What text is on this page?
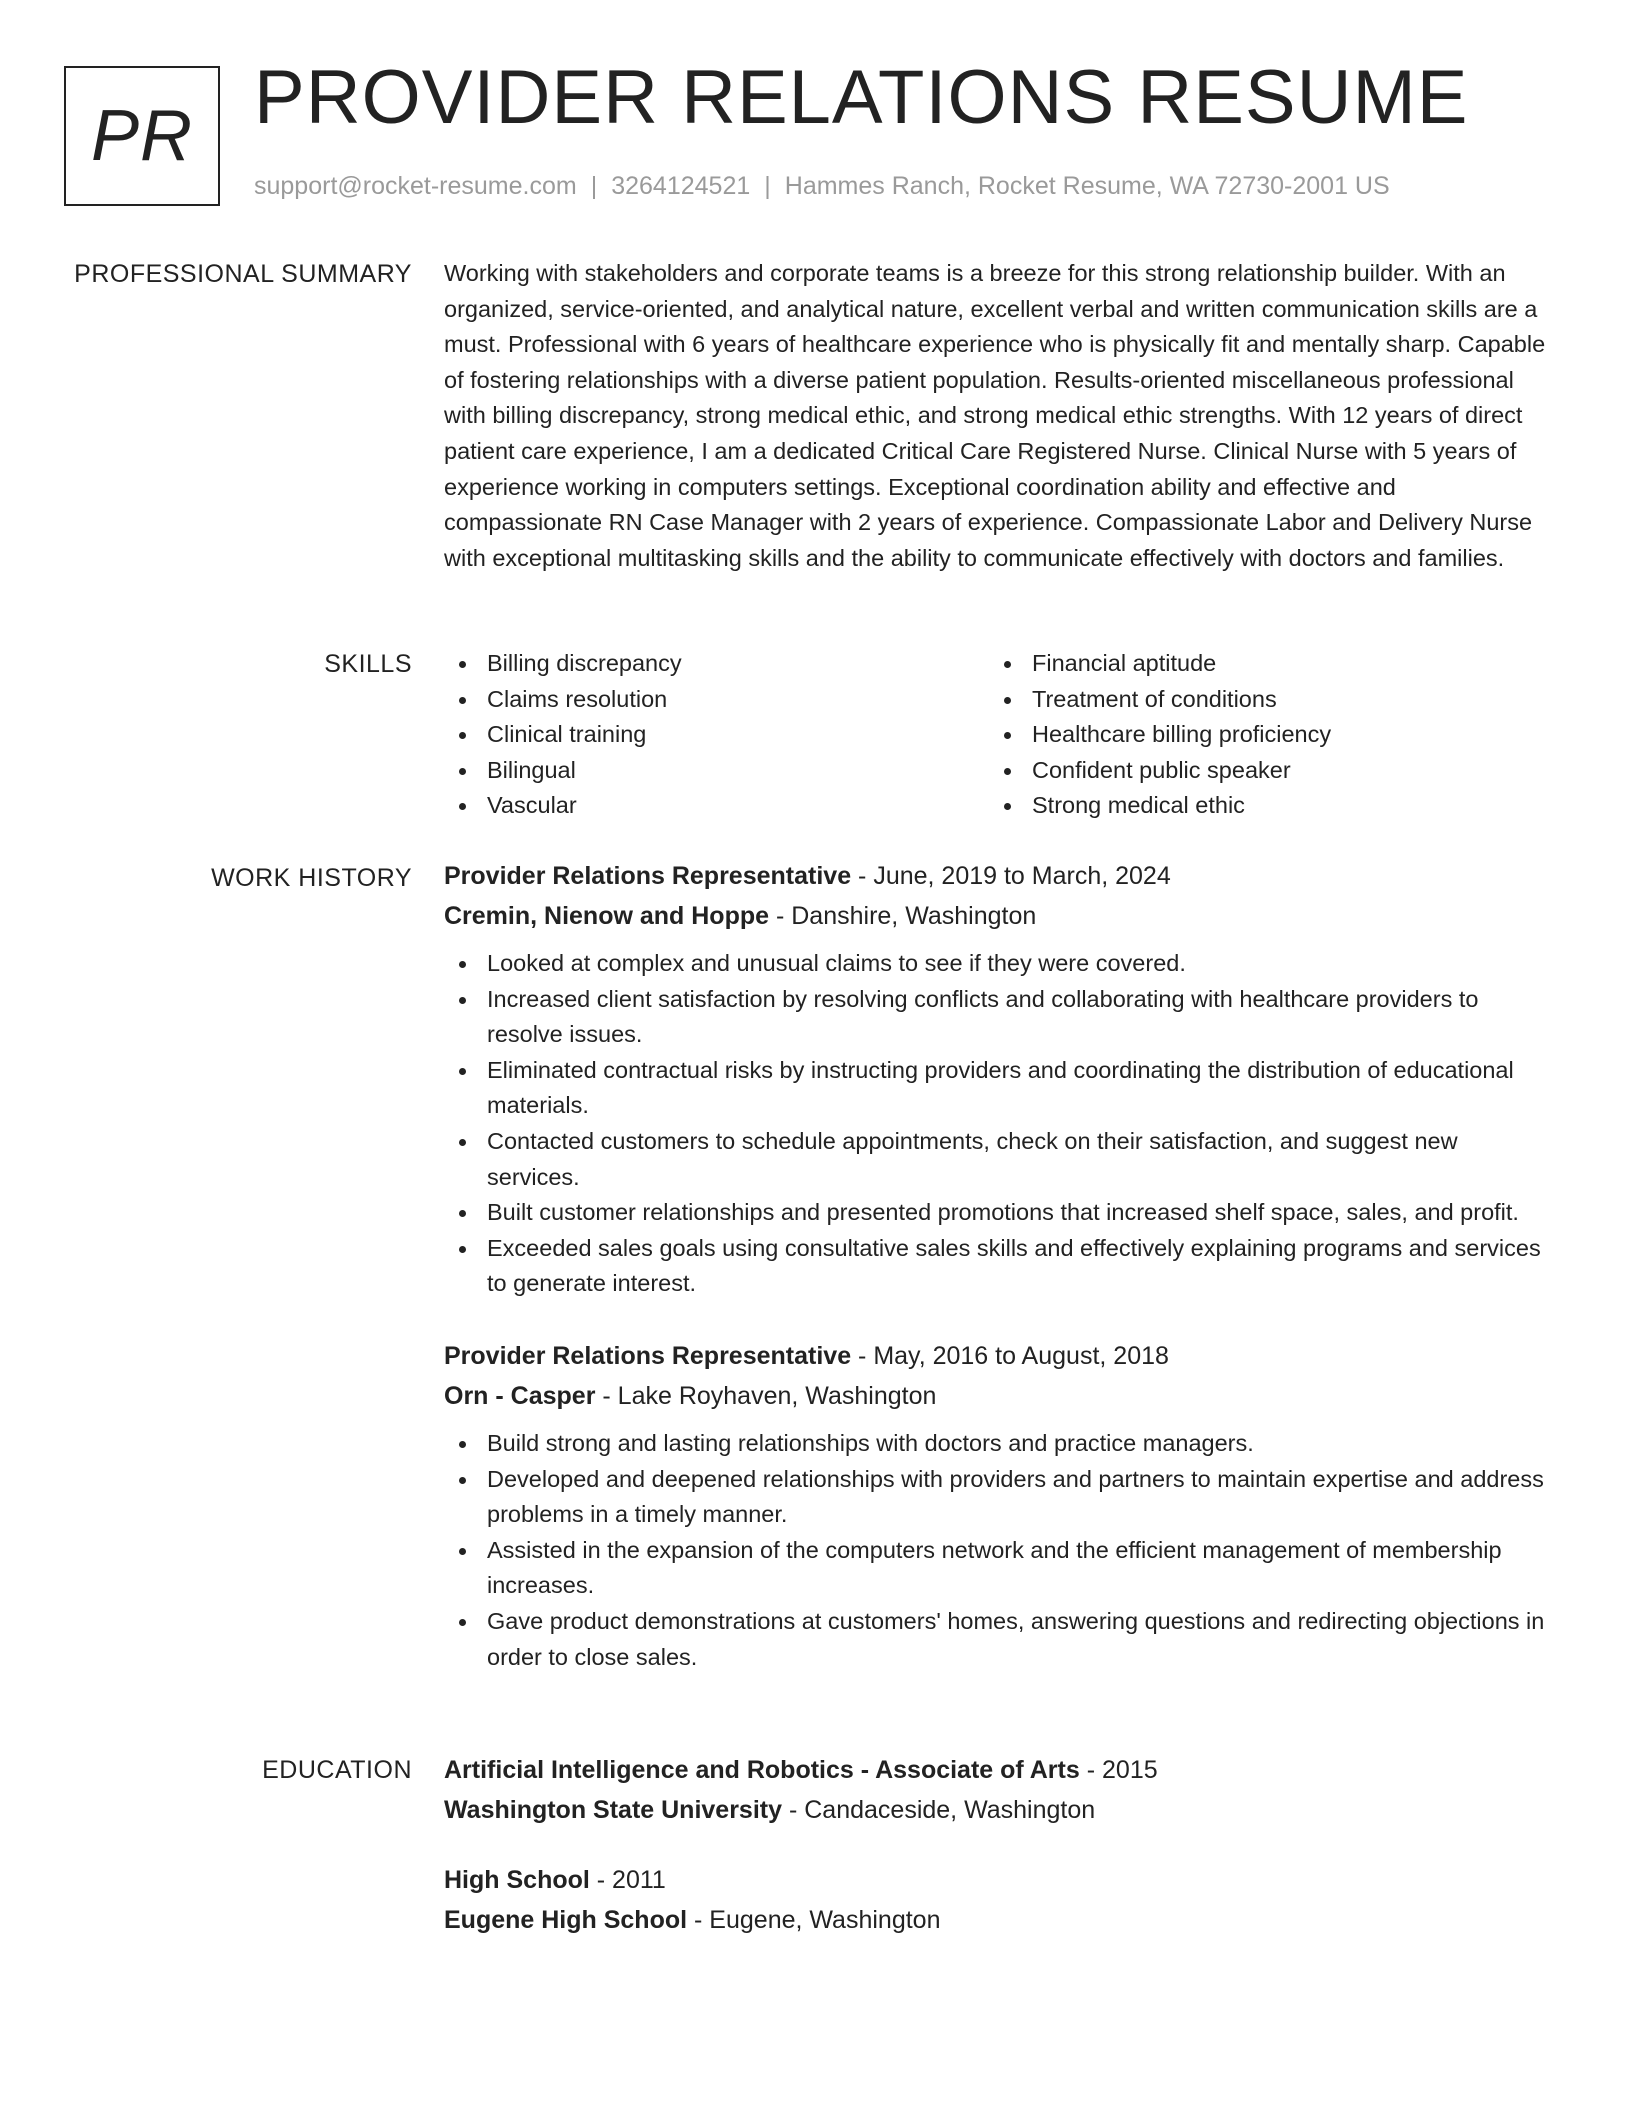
PR PROVIDER RELATIONS RESUME
support@rocket-resume.com | 3264124521 | Hammes Ranch, Rocket Resume, WA 72730-2001 US
PROFESSIONAL SUMMARY Working with stakeholders and corporate teams is a breeze for this strong relationship builder. With an organized, service-oriented, and analytical nature, excellent verbal and written communication skills are a must. Professional with 6 years of healthcare experience who is physically fit and mentally sharp. Capable of fostering relationships with a diverse patient population. Results-oriented miscellaneous professional with billing discrepancy, strong medical ethic, and strong medical ethic strengths. With 12 years of direct patient care experience, I am a dedicated Critical Care Registered Nurse. Clinical Nurse with 5 years of experience working in computers settings. Exceptional coordination ability and effective and compassionate RN Case Manager with 2 years of experience. Compassionate Labor and Delivery Nurse with exceptional multitasking skills and the ability to communicate effectively with doctors and families.

SKILLS	Billing discrepancy
Claims resolution
Clinical training
Bilingual
Vascular
Financial aptitude
Treatment of conditions
Healthcare billing proficiency
Confident public speaker
Strong medical ethic
WORK HISTORY Provider Relations Representative - June, 2019 to March, 2024
Cremin, Nienow and Hoppe - Danshire, Washington
Looked at complex and unusual claims to see if they were covered.
Increased client satisfaction by resolving conflicts and collaborating with healthcare providers to resolve issues.
Eliminated contractual risks by instructing providers and coordinating the distribution of educational materials.
Contacted customers to schedule appointments, check on their satisfaction, and suggest new services.
Built customer relationships and presented promotions that increased shelf space, sales, and profit.
Exceeded sales goals using consultative sales skills and effectively explaining programs and services to generate interest.
Provider Relations Representative - May, 2016 to August, 2018
Orn - Casper - Lake Royhaven, Washington
Build strong and lasting relationships with doctors and practice managers.
Developed and deepened relationships with providers and partners to maintain expertise and address problems in a timely manner.
Assisted in the expansion of the computers network and the efficient management of membership increases.
Gave product demonstrations at customers' homes, answering questions and redirecting objections in order to close sales.
EDUCATION Artificial Intelligence and Robotics - Associate of Arts - 2015
Washington State University - Candaceside, Washington
High School - 2011
Eugene High School - Eugene, Washington
